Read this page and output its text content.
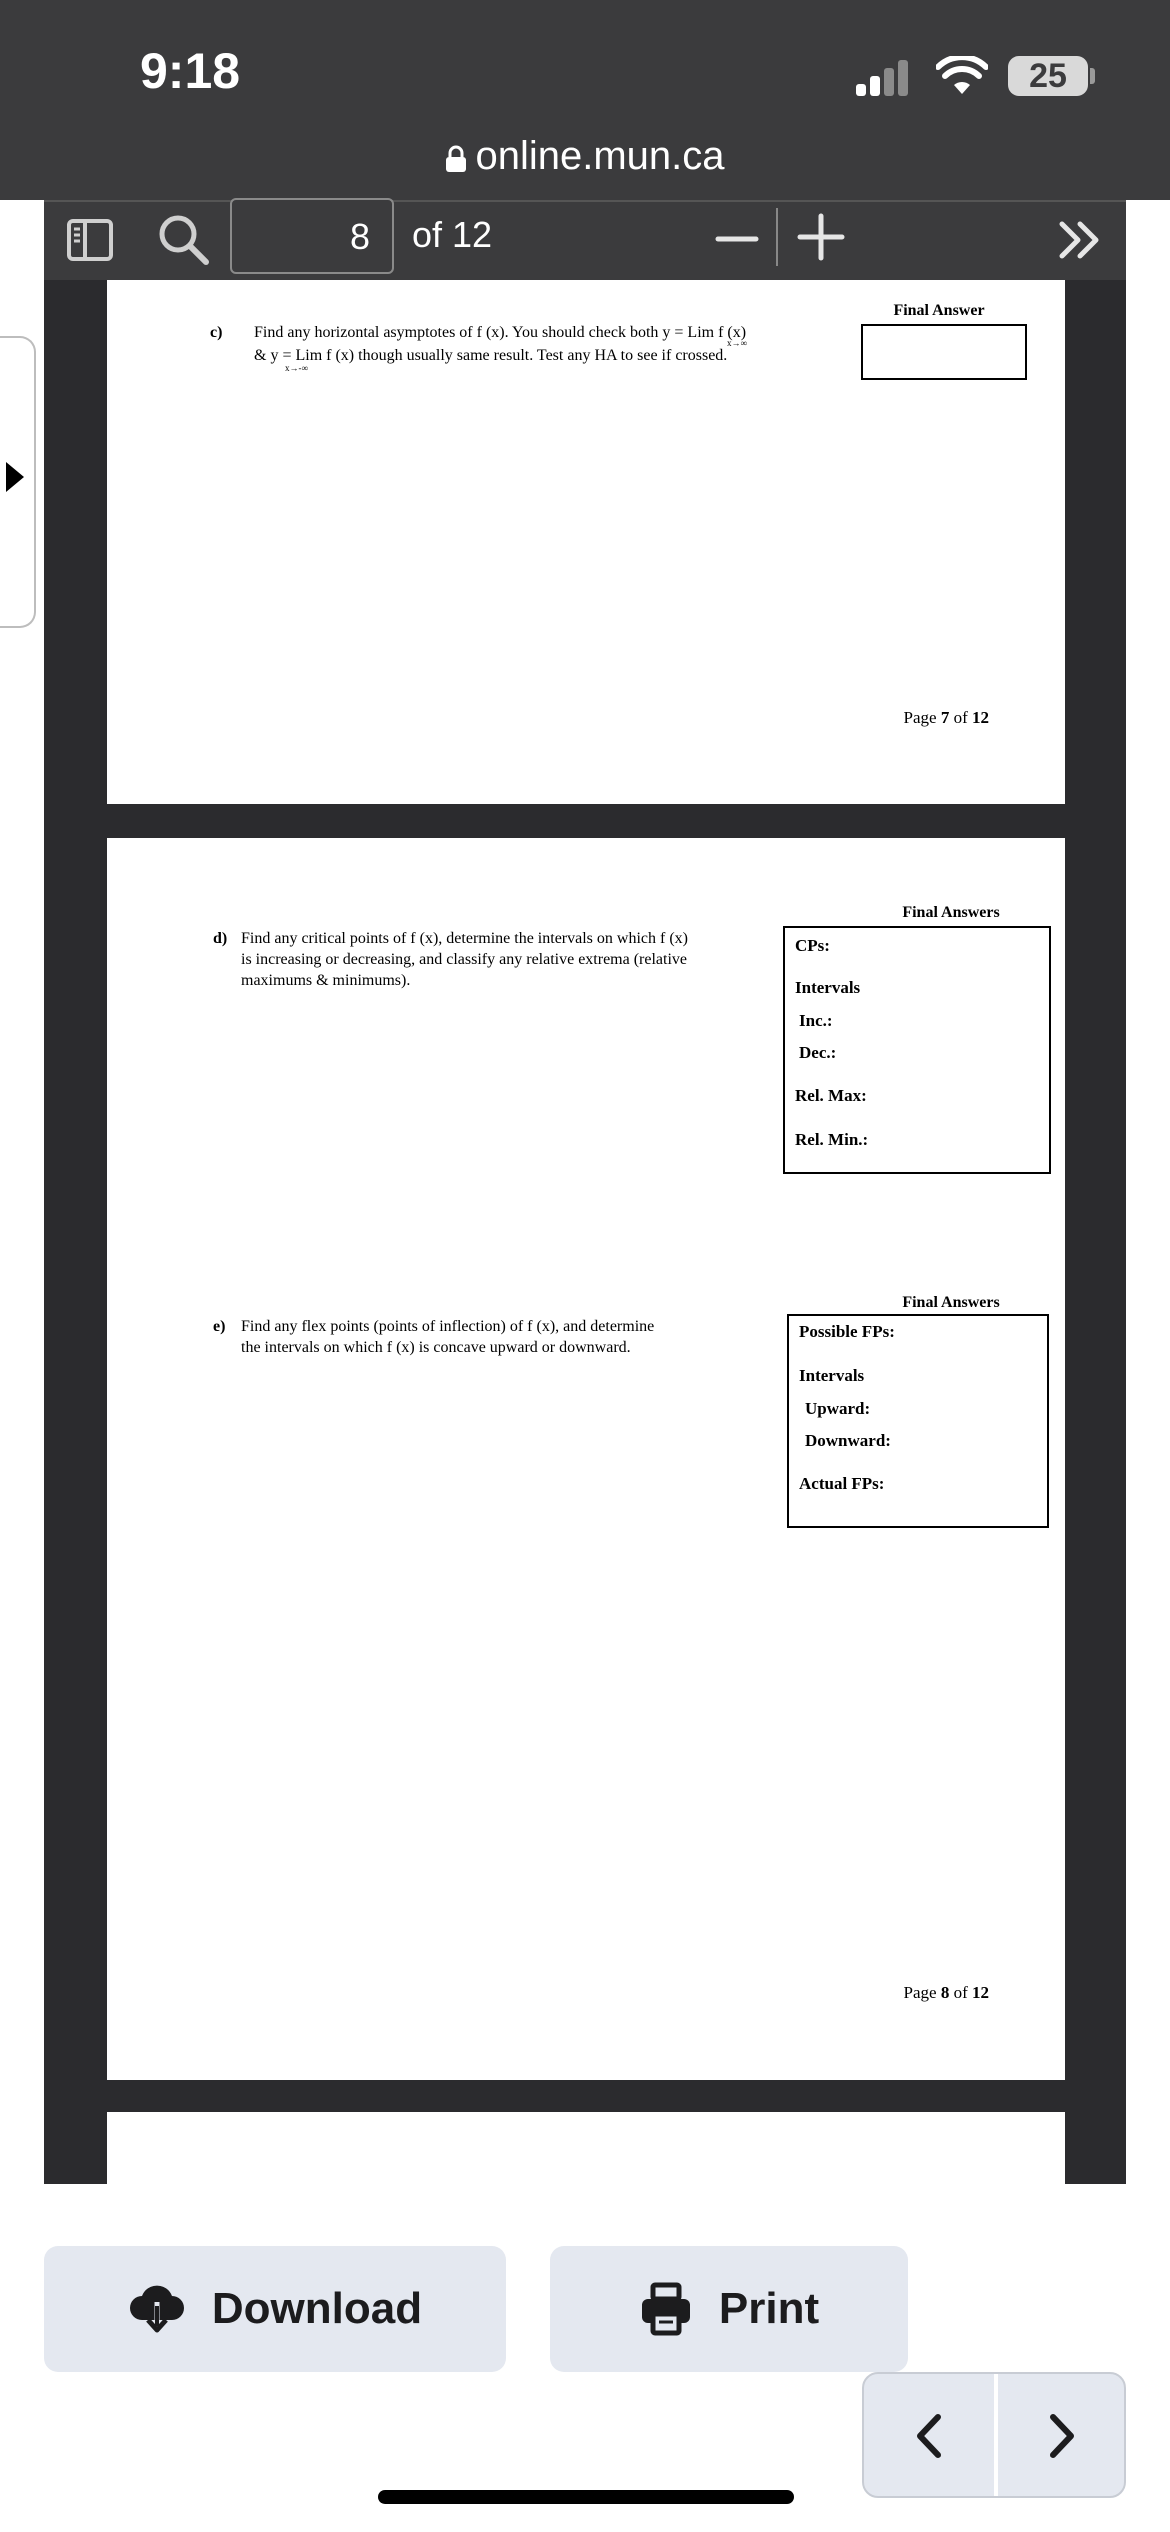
9:18	25
online.mun.ca
8	of 12
c) Find any horizontal asymptotes of f (x). You should check both y = Lim f (x)
x→∞
& y = Lim f (x) though usually same result. Test any HA to see if crossed.
x→-∞
Final Answer
Page 7 of 12
d) Find any critical points of f (x), determine the intervals on which f (x)
is increasing or decreasing, and classify any relative extrema (relative
maximums & minimums).
Final Answers
CPs:
Intervals
Inc.:
Dec.:
Rel. Max:
Rel. Min.:
e) Find any flex points (points of inflection) of f (x), and determine
the intervals on which f (x) is concave upward or downward.
Final Answers
Possible FPs:
Intervals
Upward:
Downward:
Actual FPs:
Page 8 of 12
Download	Print
